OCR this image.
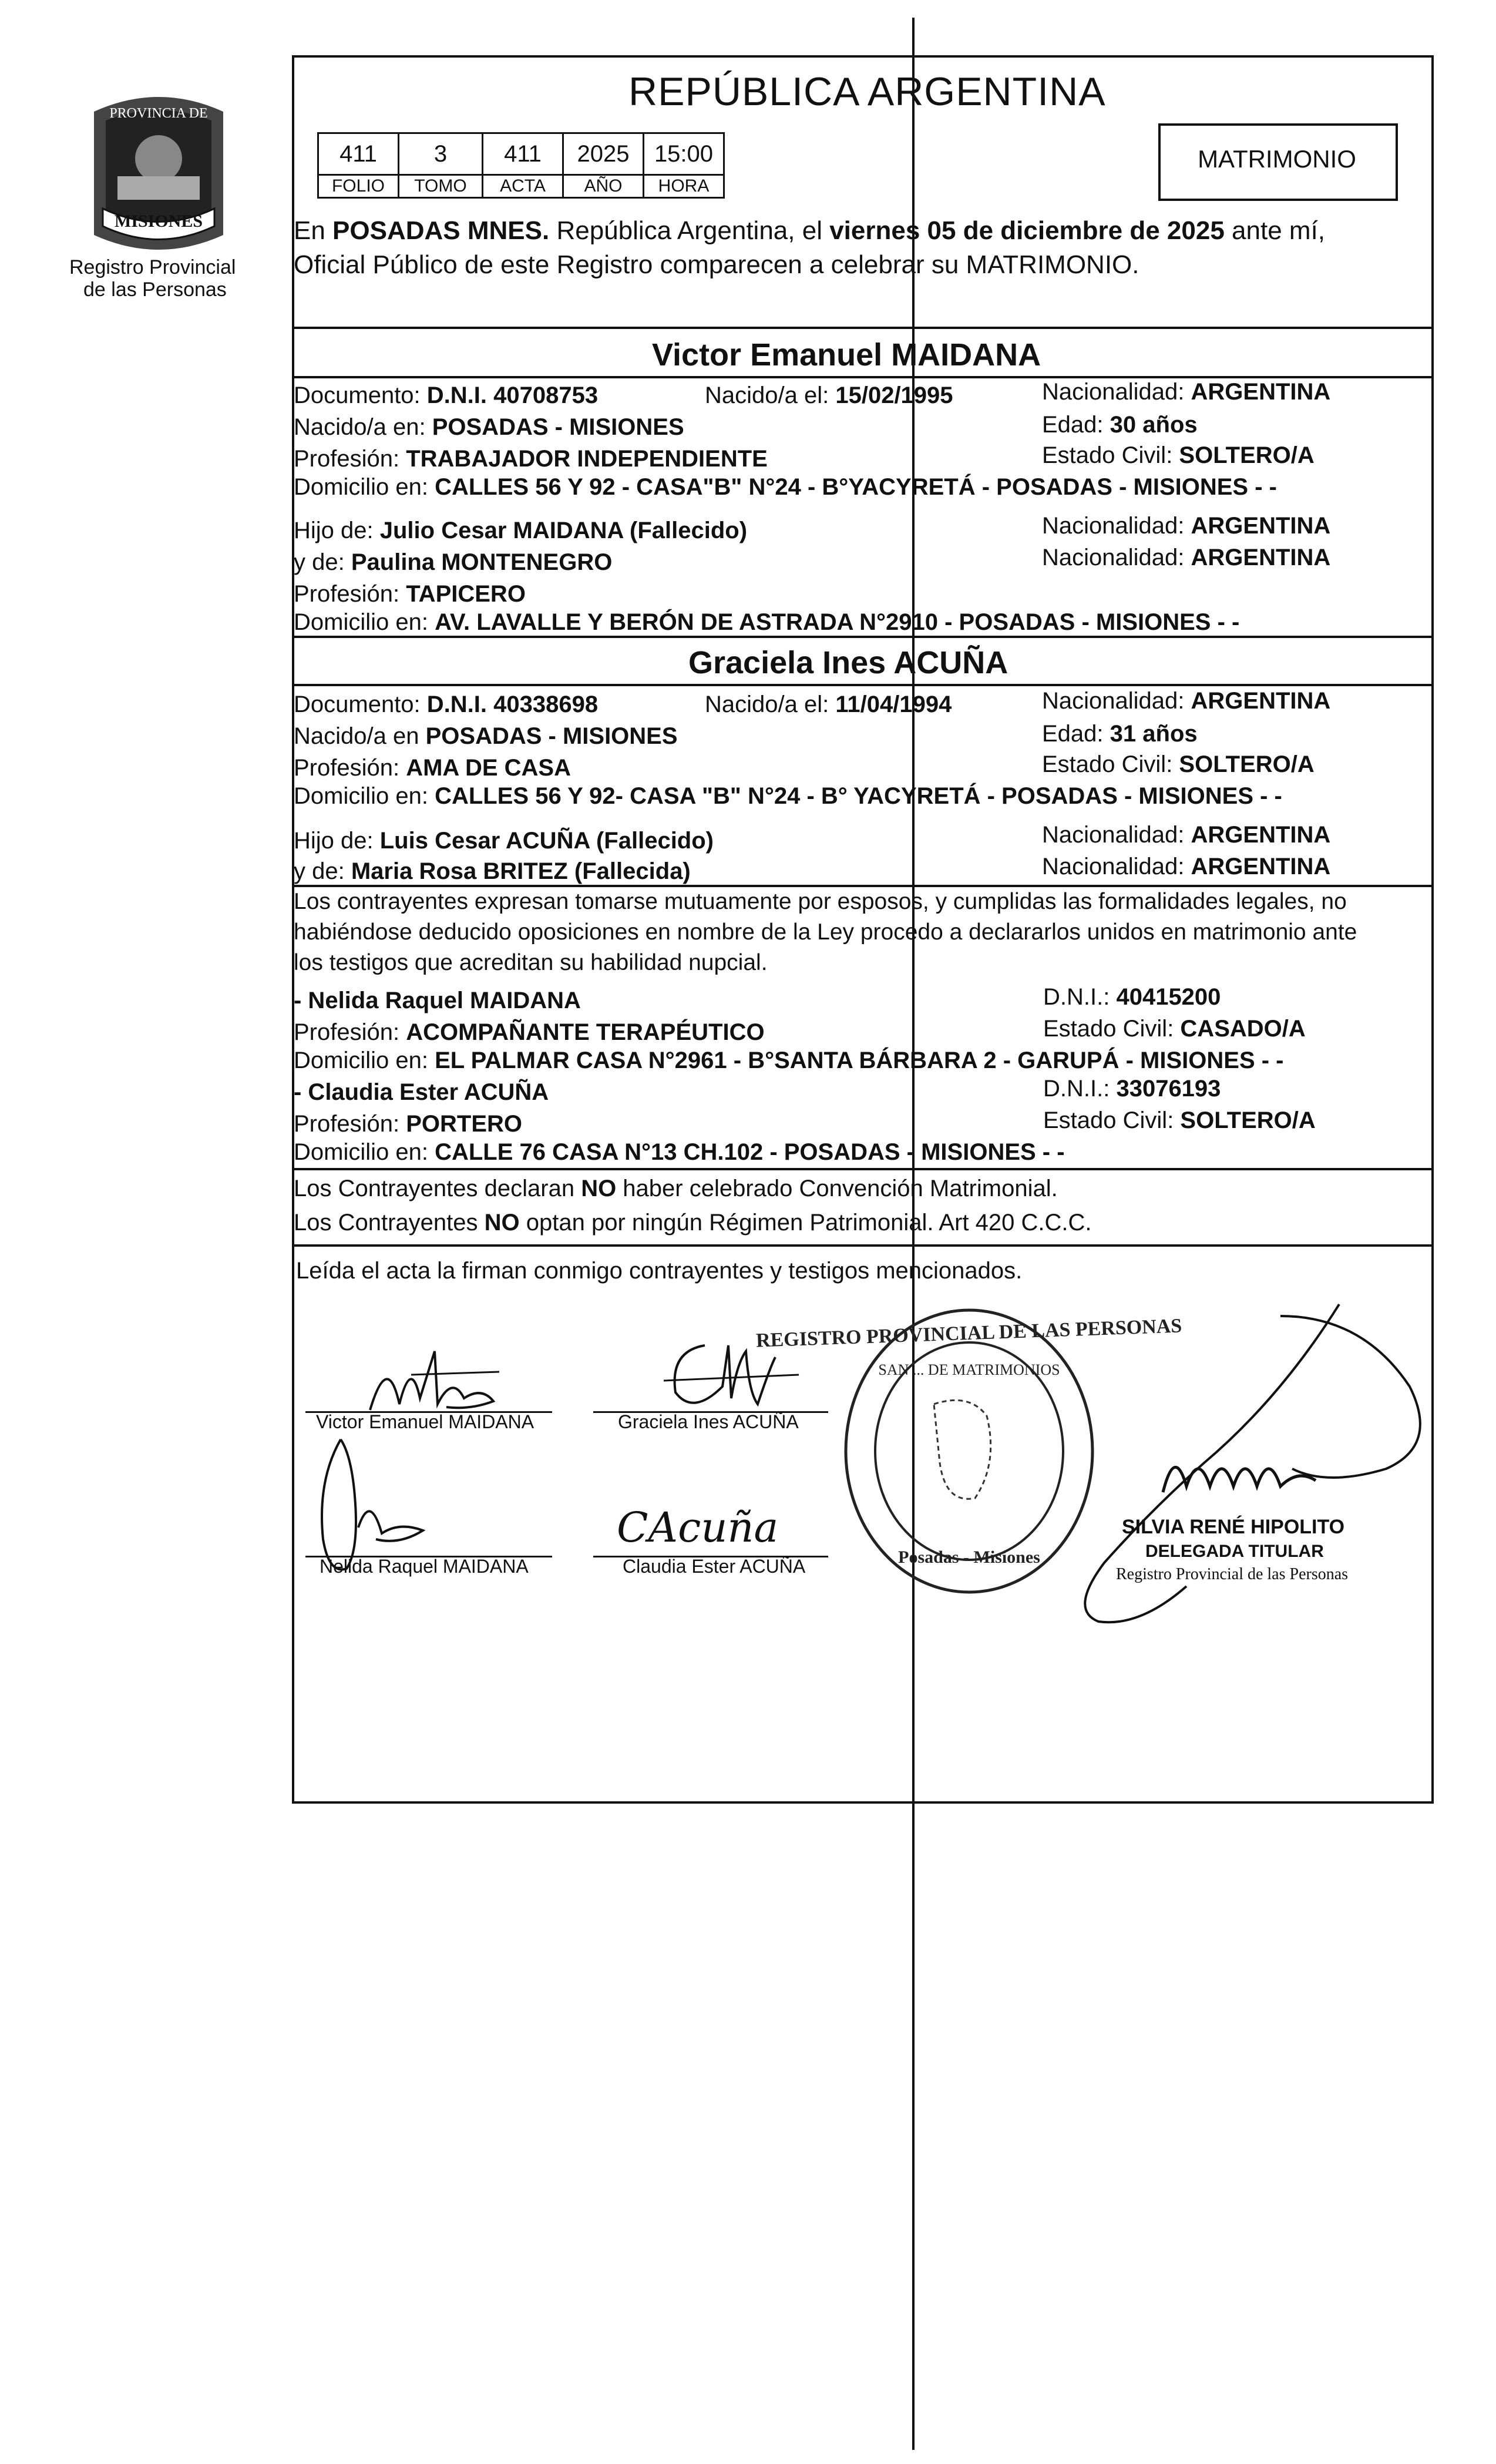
PROVINCIA DE
MISIONES
Registro Provincial
de las Personas
REPÚBLICA ARGENTINA
411	3	411	2025	15:00
FOLIO	TOMO	ACTA	AÑO	HORA
MATRIMONIO
En POSADAS MNES. República Argentina, el viernes 05 de diciembre de 2025 ante mí,
Oficial Público de este Registro comparecen a celebrar su MATRIMONIO.
Victor Emanuel MAIDANA
Documento: D.N.I. 40708753	Nacido/a el: 15/02/1995	Nacionalidad: ARGENTINA
Nacido/a en: POSADAS - MISIONES	Edad: 30 años
Profesión: TRABAJADOR INDEPENDIENTE	Estado Civil: SOLTERO/A
Domicilio en: CALLES 56 Y 92 - CASA"B" N°24 - B°YACYRETÁ - POSADAS - MISIONES - -
Hijo de: Julio Cesar MAIDANA (Fallecido)	Nacionalidad: ARGENTINA
y de: Paulina MONTENEGRO	Nacionalidad: ARGENTINA
Profesión: TAPICERO
Domicilio en: AV. LAVALLE Y BERÓN DE ASTRADA N°2910 - POSADAS - MISIONES - -
Graciela Ines ACUÑA
Documento: D.N.I. 40338698	Nacido/a el: 11/04/1994	Nacionalidad: ARGENTINA
Nacido/a en POSADAS - MISIONES	Edad: 31 años
Profesión: AMA DE CASA	Estado Civil: SOLTERO/A
Domicilio en: CALLES 56 Y 92- CASA "B" N°24 - B° YACYRETÁ - POSADAS - MISIONES - -
Hijo de: Luis Cesar ACUÑA (Fallecido)	Nacionalidad: ARGENTINA
y de: Maria Rosa BRITEZ (Fallecida)	Nacionalidad: ARGENTINA
Los contrayentes expresan tomarse mutuamente por esposos, y cumplidas las formalidades legales, no
habiéndose deducido oposiciones en nombre de la Ley procedo a declararlos unidos en matrimonio ante
los testigos que acreditan su habilidad nupcial.
- Nelida Raquel MAIDANA	D.N.I.: 40415200
Profesión: ACOMPAÑANTE TERAPÉUTICO	Estado Civil: CASADO/A
Domicilio en: EL PALMAR CASA N°2961 - B°SANTA BÁRBARA 2 - GARUPÁ - MISIONES - -
- Claudia Ester ACUÑA	D.N.I.: 33076193
Profesión: PORTERO	Estado Civil: SOLTERO/A
Domicilio en: CALLE 76 CASA N°13 CH.102 - POSADAS - MISIONES - -
Los Contrayentes declaran NO haber celebrado Convención Matrimonial.
Los Contrayentes NO optan por ningún Régimen Patrimonial. Art 420 C.C.C.
Leída el acta la firman conmigo contrayentes y testigos mencionados.
Victor Emanuel MAIDANA	Graciela Ines ACUÑA
Nelida Raquel MAIDANA
CAcuña
Claudia Ester ACUÑA
REGISTRO PROVINCIAL DE LAS PERSONAS
SAN ... DE MATRIMONIOS
Posadas - Misiones
SILVIA RENÉ HIPOLITO
DELEGADA TITULAR
Registro Provincial de las Personas
